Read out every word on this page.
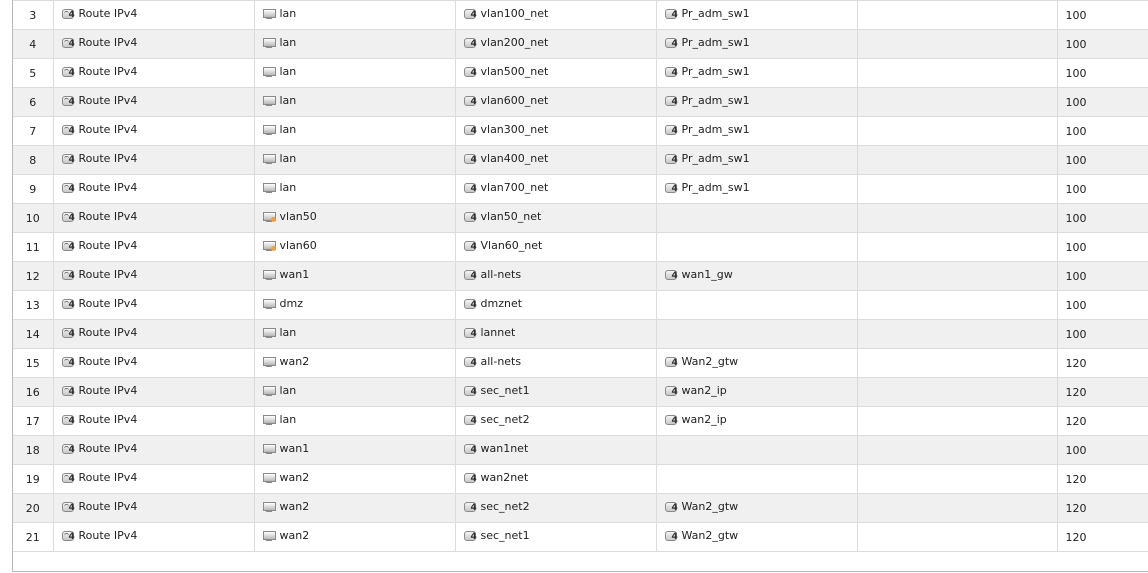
3	4 Route IPv4	lan	4 vlan100_net	4 Pr_adm_sw1		100
4	4 Route IPv4	lan	4 vlan200_net	4 Pr_adm_sw1		100
5	4 Route IPv4	lan	4 vlan500_net	4 Pr_adm_sw1		100
6	4 Route IPv4	lan	4 vlan600_net	4 Pr_adm_sw1		100
7	4 Route IPv4	lan	4 vlan300_net	4 Pr_adm_sw1		100
8	4 Route IPv4	lan	4 vlan400_net	4 Pr_adm_sw1		100
9	4 Route IPv4	lan	4 vlan700_net	4 Pr_adm_sw1		100
10	4 Route IPv4	vlan50	4 vlan50_net			100
11	4 Route IPv4	vlan60	4 Vlan60_net			100
12	4 Route IPv4	wan1	4 all-nets	4 wan1_gw		100
13	4 Route IPv4	dmz	4 dmznet			100
14	4 Route IPv4	lan	4 lannet			100
15	4 Route IPv4	wan2	4 all-nets	4 Wan2_gtw		120
16	4 Route IPv4	lan	4 sec_net1	4 wan2_ip		120
17	4 Route IPv4	lan	4 sec_net2	4 wan2_ip		120
18	4 Route IPv4	wan1	4 wan1net			100
19	4 Route IPv4	wan2	4 wan2net			120
20	4 Route IPv4	wan2	4 sec_net2	4 Wan2_gtw		120
21	4 Route IPv4	wan2	4 sec_net1	4 Wan2_gtw		120
